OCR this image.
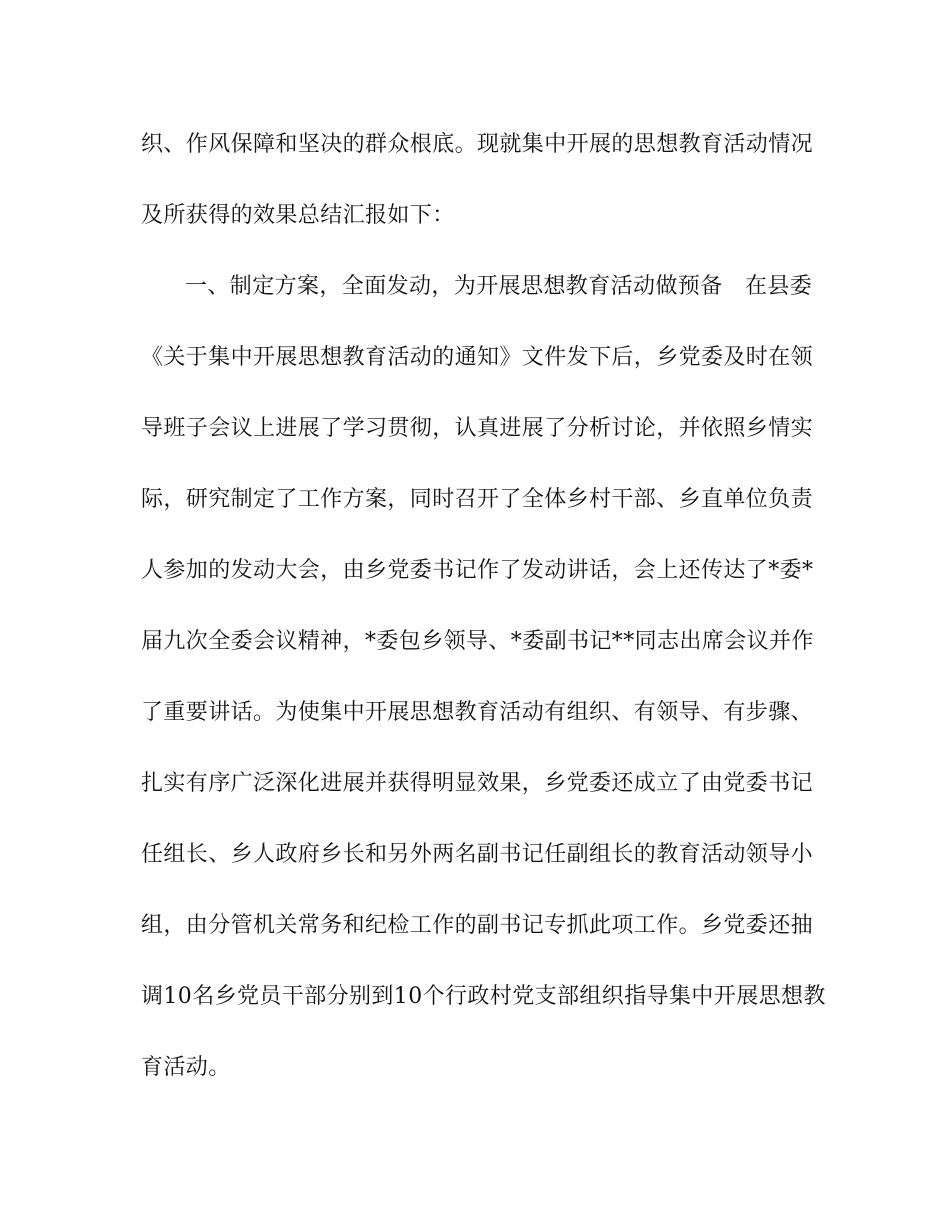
织、作风保障和坚决的群众根底。现就集中开展的思想教育活动情况
及所获得的效果总结汇报如下：
一、制定方案，全面发动，为开展思想教育活动做预备　在县委
《关于集中开展思想教育活动的通知》文件发下后，乡党委及时在领
导班子会议上进展了学习贯彻，认真进展了分析讨论，并依照乡情实
际，研究制定了工作方案，同时召开了全体乡村干部、乡直单位负责
人参加的发动大会，由乡党委书记作了发动讲话，会上还传达了*委*
届九次全委会议精神，*委包乡领导、*委副书记**同志出席会议并作
了重要讲话。为使集中开展思想教育活动有组织、有领导、有步骤、
扎实有序广泛深化进展并获得明显效果，乡党委还成立了由党委书记
任组长、乡人政府乡长和另外两名副书记任副组长的教育活动领导小
组，由分管机关常务和纪检工作的副书记专抓此项工作。乡党委还抽
调10名乡党员干部分别到10个行政村党支部组织指导集中开展思想教
育活动。
